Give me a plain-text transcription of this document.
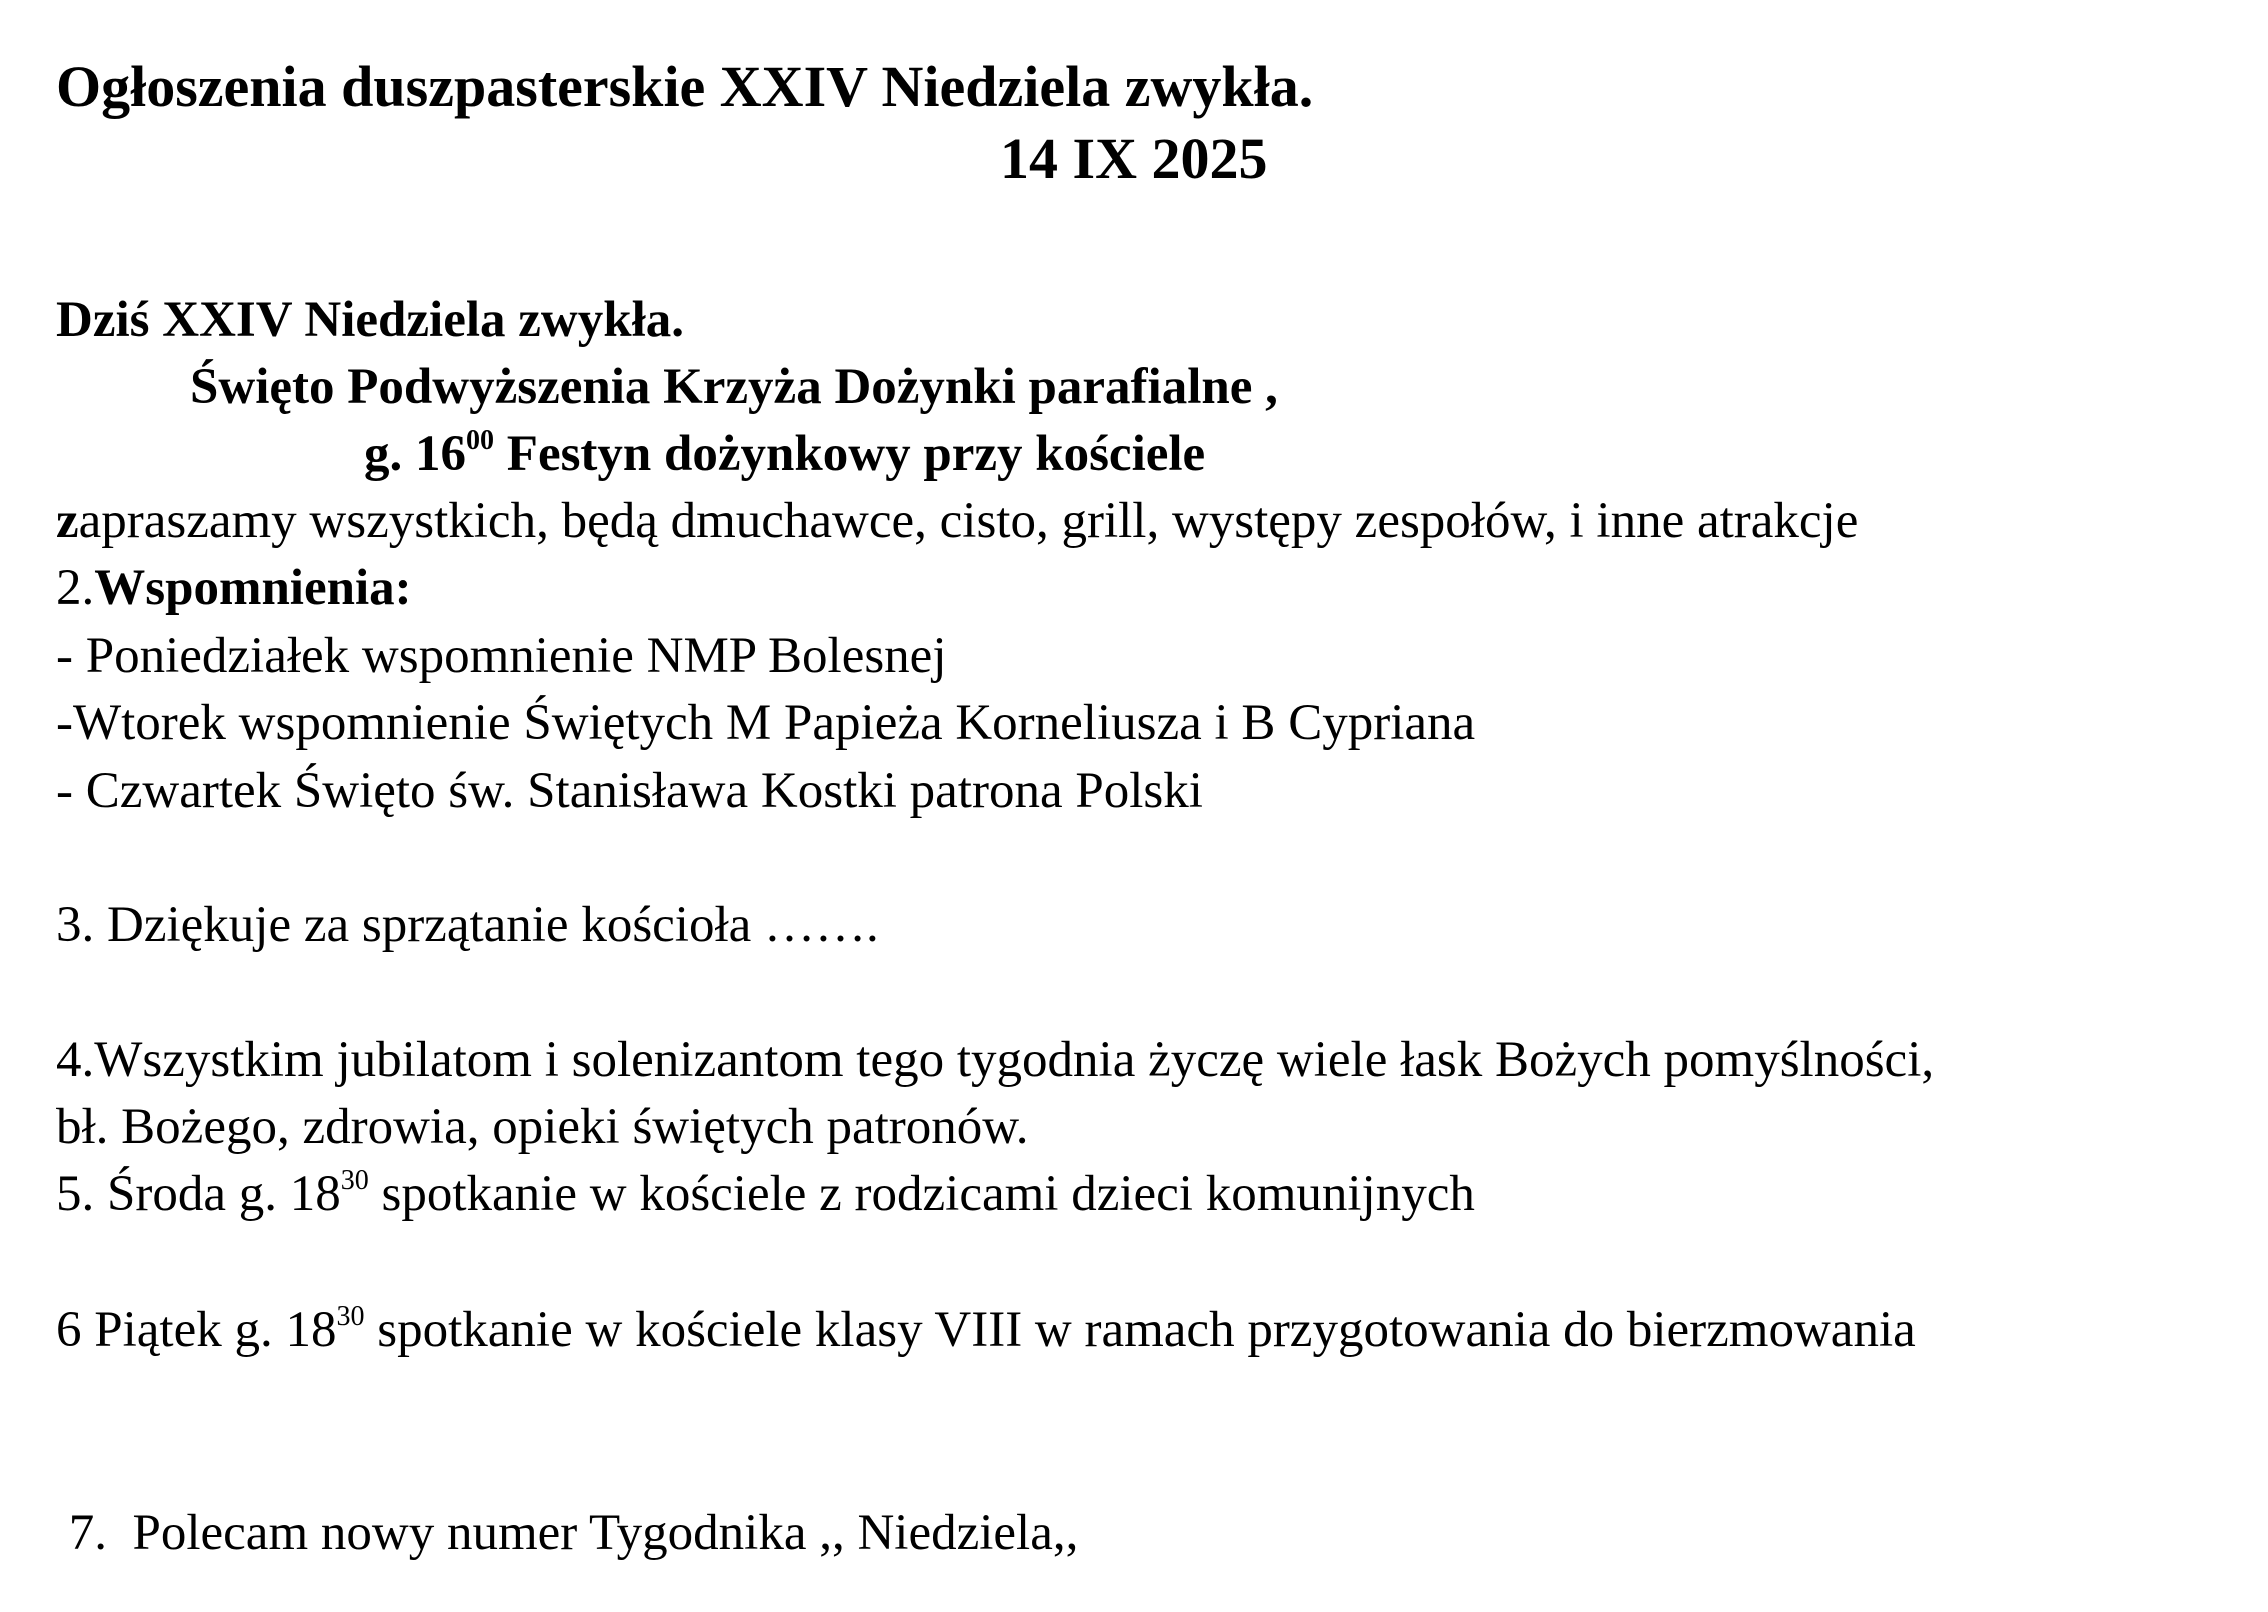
Ogłoszenia duszpasterskie XXIV Niedziela zwykła.
14 IX 2025
Dziś XXIV Niedziela zwykła.
Święto Podwyższenia Krzyża Dożynki parafialne ,
g. $16^{00}$ Festyn dożynkowy przy kościele
zapraszamy wszystkich, będą dmuchawce, cisto, grill, występy zespołów, i inne atrakcje
2.Wspomnienia:
- Poniedziałek wspomnienie NMP Bolesnej
-Wtorek wspomnienie Świętych M Papieża Korneliusza i B Cypriana
- Czwartek Święto św. Stanisława Kostki patrona Polski
3. Dziękuje za sprzątanie kościoła …….
4.Wszystkim jubilatom i solenizantom tego tygodnia życzę wiele łask Bożych pomyślności,
bł. Bożego, zdrowia, opieki świętych patronów.
5. Środa g. $18^{30}$ spotkanie w kościele z rodzicami dzieci komunijnych
6 Piątek g. $18^{30}$ spotkanie w kościele klasy VIII w ramach przygotowania do bierzmowania
7.  Polecam nowy numer Tygodnika ,, Niedziela,,
